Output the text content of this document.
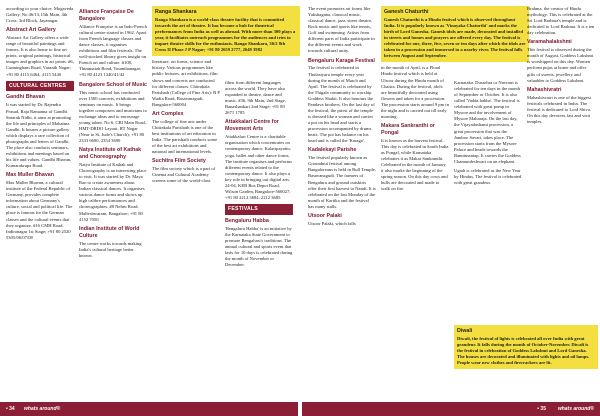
according to your choice. Mogaveda Gallery, No 46/13,15th Main, 4th Cross, 3rd Block, Jayanagar.

Abstract Art Gallery

Abstract Art Gallery offers a wide range of beautiful paintings and frames. It is also home to fine art prints, original paintings, historical images and graphics in art prints. #6, Cunningham Road, Vasanth Nagar; +91 80 4115 6464, 4115 5440

CULTURAL CENTRES
Gandhi Bhavan

It was started by Dr. Rajendra Prasad, Raja Ramanna of Gandhi Smarak Nidhi, it aims at promoting the life and principles of Mahatma Gandhi. It houses a picture gallery which displays a rare collection of photographs and letters of Gandhi. The place also conducts seminars, exhibitions and meetings based on his life and values. Gandhi Bhavan, Kumarakrupa Road.

Max Muller Bhavan

Max Muller Bhavan, a cultural institute of the Federal Republic of Germany, provides complete information about Germany's culture, social and political life. The place is famous for the German classes and the cultural events that they organize. #16 CMH Road, Indiranagar 1st Stage; +91 80 2520 5305/06/07/08

Alliance Française De Bangalore

Alliance Française is an Indo-French cultural centre started in 1962. Apart from French language classes and dance classes, it organises exhibitions and film festivals. The well-stocked library gives insight on French art and culture. #108, Thimmaiah Road, Vasanthanagar; +91 80 4123 1340/41/42

Bangalore School of Music

This music school has conducted over 1500 concerts, exhibitions and seminars on music. It brings together composers and musicians to exchange ideas and to encourage young talent. No 6, CBI Main Road, HMT-DRDO Layout, RT Nagar (Near to St. Jude's Church); +91 80 2333 6690, 2354 3690

Natya Institute of Kathak and Choreography

Natya Institute of Kathak and Choreography is an interesting place to visit. It was started by Dr. Maya Rao to create awareness about Indian classical dances. It organises various dance forms and shows up high calibre performances and choreographies. #8 Nehru Road, Malleshwaram, Bangalore; +91 80 4152 7050

Indian Institute of World Culture

The centre works towards making India's cultural heritage better known.

Ranga Shankara

Ranga Shankara is a world-class theatre facility that is committed towards the art of theatre. It has become a hub for theatrical performances from India as well as abroad. With more than 300 plays a year, it facilitates outreach programmes for the audiences and tries to impart theatre skills for the enthusiasts. Ranga Shankara, 36/2 8th Cross II Phase J P Nagar; +91 80 2659 2777, 2649 3982

literature, art forms, science and history. Various programmes like public lectures, art exhibitions, film shows and concerts are conducted for different classes. Chitrakala Parishath (College of Fine Arts): B P Wadia Road, Basavanagudi, Bangalore-560004

Art Complex

The college of fine arts under Chitrakala Parishath is one of the best institutions of art education in India. The parishath conducts some of the best art exhibitions and national and international levels.

Suchitra Film Society

The film society which is a part of Cinema and Cultural Academy screens some of the world-class

films from different languages across the world. They have also expanded to theatre, dance and music. #36, 9th Main, 2nd Stage, Banashankari 2nd Stage; +91 80 2671 1785

Attakkalari Centre for Movement Arts

Attakkalari Centre is a charitable organisation which concentrates on contemporary dance, Kalaripayattu, yoga, ballet and other dance forms. The institute organises and performs different events related to the contemporary dance. It also plays a key role in bringing out digital arts. 24-04, KEB Bus Depot Road, Wilson Garden, Bangalore-560027; +91 80 2212 3684, 2212 3685

FESTIVALS
Bengaluru Habba

'Bengaluru Habba' is an initiative by the Karnataka State Government to promote Bengaluru's traditions. The annual cultural and sports event that lasts for 10 days is celebrated during the month of November or December.

The event promotes art forms like Yakshagana, classical music, classical dance, jazz, street theatre, Rock music and sports like tennis, Golf and swimming. Artists from different parts of India participate in the different events and work towards cultural unity.

Bengaluru Karaga Festival

The festival is celebrated in Thulasiyaru temple every year during the month of March and April. The festival is celebrated by the Thigala community to worship Goddess Shakti. It also honours the Pandava brothers. On the last day of the festival, the priest of the temple is dressed like a woman and carries a pot on his head and starts a procession accompanied by drums beats. The pot has balance on his head and is called the 'Karaga'.

Kadalekayi Parishe

The festival popularly known as Groundnut festival among Bangaloreans is held in Bull Temple, Basavanagudi. The farmers of Bengaluru and ground outskirts offer their first harvest to Nandi. It is celebrated on the last Monday of the month of Kartika and the festival has many stalls.

Utsoor Palaki

Utsoor Palaki, which falls

Ganesh Chaturthi

Ganesh Chaturthi is a Hindu festival which is observed throughout India. It is popularly known as 'Vinayaka Chaturthi' and marks the birth of Lord Ganesha. Ganesh idols are made, decorated and installed in streets and homes and prayers are offered every day. The festival is celebrated for one, three, five, seven or ten days after which the idols are taken in a procession and immersed in a nearby river. The festival falls between August and September.

in the month of April, is a Floral Hindu festival which is held at Ulsoor during the Hindu month of Chaitra. During the festival, idols are beautifully decorated using flowers and taken for a procession. The procession starts around 9 pm in the night and is carried out till early morning.

Makara Sankranthi or Pongal

It is known as the harvest festival. This day is celebrated in South India as Pongal, while Karnataka celebrates it as Makar Sankranthi. Celebrated in the month of January, it also marks the beginning of the spring season. On this day cows and bulls are decorated and made to walk on fire.

Karnataka. Dussehra or Navratri is celebrated for ten days in the month of September or October. It is also called 'Vadda habba'. The festival is celebrated with great pomp in Mysore and the involvement of Mysore Maharaja. On the last day, the Vijayadashami procession, a great procession that was the Jamboo Savari, takes place. The procession starts from the Mysore Palace and heads towards the Bannimantap. It carries the Goddess Chamundeshwari on an elephant.

Ugadi is celebrated as the New Year by Hindus. The festival is celebrated with great grandeur.

Brahma, the creator of Hindu mythology. This is celebrated at the Sri Lord Brahma's temple and is dedicated to Lord Brahma. It is a ten day celebration.

Varamahalakshmi

This festival is observed during the month of August. Goddess Lakshmi is worshipped on this day. Women perform pujas at home and offer gifts of sweets, jewellery and valuables to Goddess Lakshmi.

Mahashivratri

Mahashivratri is one of the biggest festivals celebrated in India. The festival is dedicated to Lord Shiva. On this day devotees fast and visit temples.

Diwali

Diwali, the festival of lights is celebrated all over India with great grandeur. It falls during the month of October-November. Diwali is the festival in celebration of Goddess Lakshmi and Lord Ganesha. The houses are decorated and illuminated with lights and oil lamps. People wear new clothes and firecrackers are lit.

• 34 whats around®	• 35 whats around®
